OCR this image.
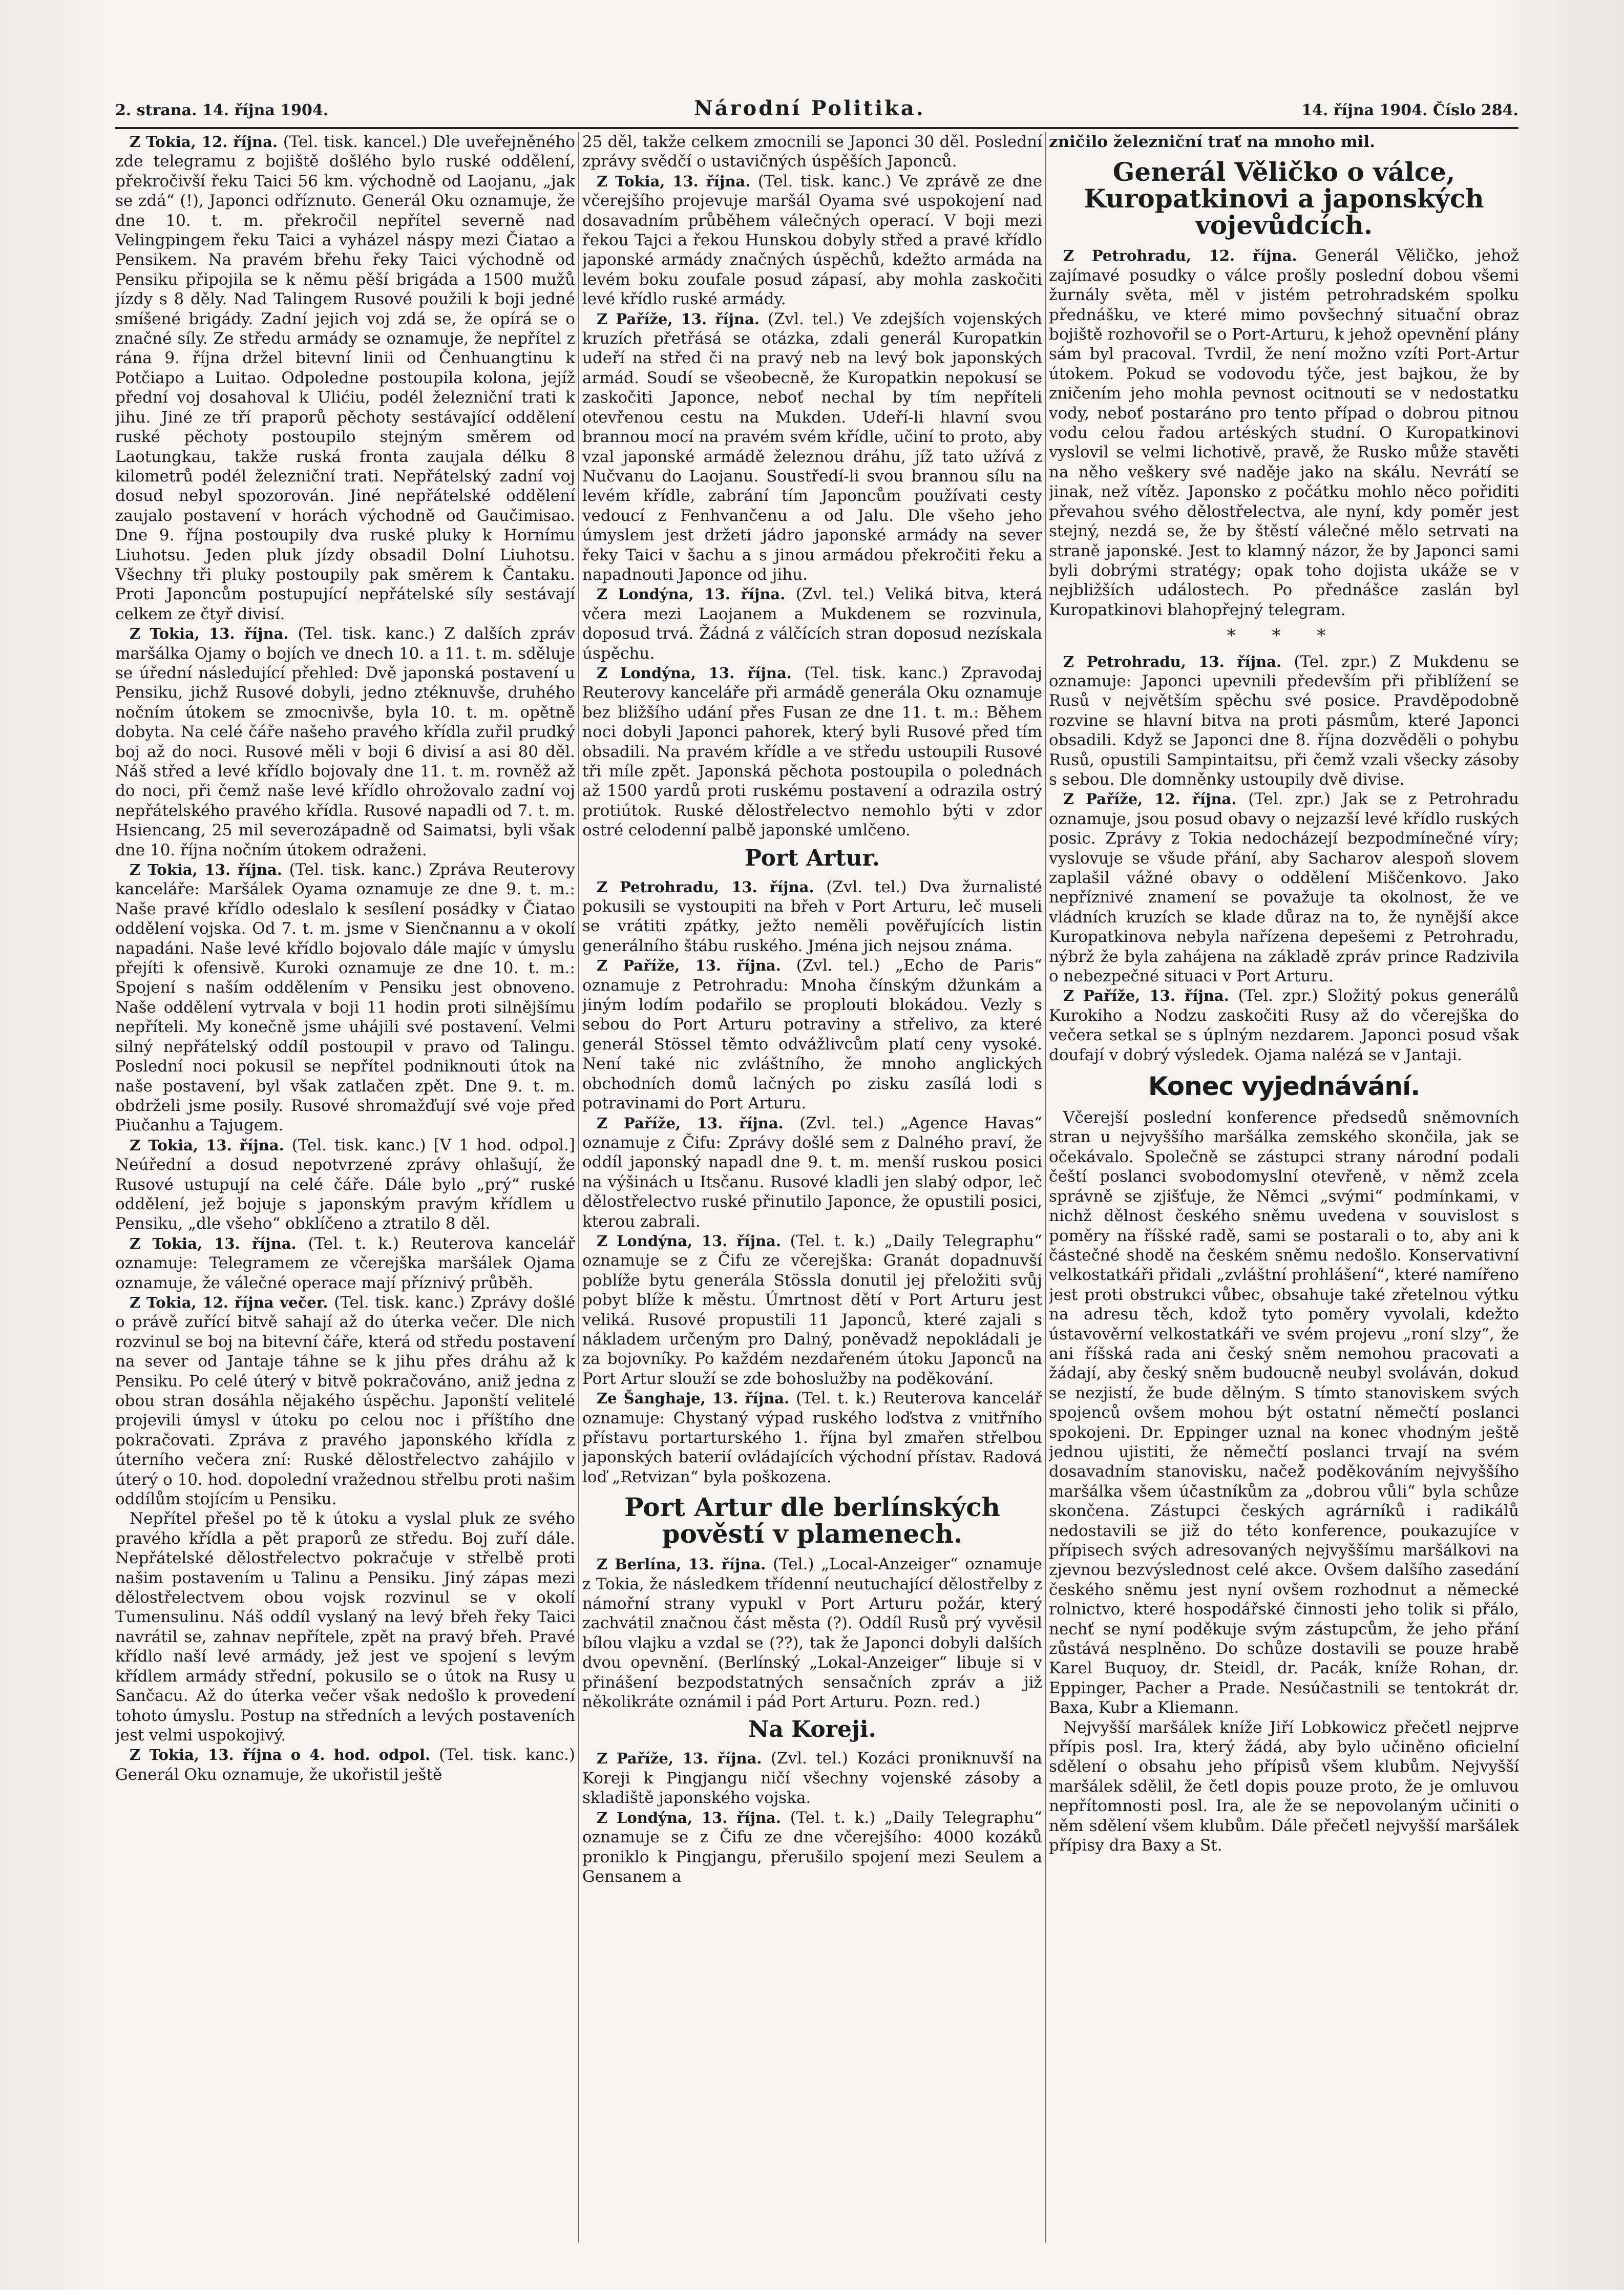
2. strana. 14. října 1904.	Národní Politika.	14. října 1904. Číslo 284.

Z Tokia, 12. října. (Tel. tisk. kancel.) Dle uveřejněného zde telegramu z bojiště došlého bylo ruské oddělení, překročivší řeku Taici 56 km. východně od Laojanu, „jak se zdá“ (!), Japonci odříznuto. Generál Oku oznamuje, že dne 10. t. m. překročil nepřítel severně nad Velingpingem řeku Taici a vyházel náspy mezi Čiatao a Pensikem. Na pravém břehu řeky Taici východně od Pensiku připojila se k němu pěší brigáda a 1500 mužů jízdy s 8 děly. Nad Talingem Rusové použili k boji jedné smíšené brigády. Zadní jejich voj zdá se, že opírá se o značné síly. Ze středu armády se oznamuje, že nepřítel z rána 9. října držel bitevní linii od Čenhuangtinu k Potčiapo a Luitao. Odpoledne postoupila kolona, jejíž přední voj dosahoval k Ulićiu, podél železniční trati k jihu. Jiné ze tří praporů pěchoty sestávající oddělení ruské pěchoty postoupilo stejným směrem od Laotungkau, takže ruská fronta zaujala délku 8 kilometrů podél železniční trati. Nepřátelský zadní voj dosud nebyl spozorován. Jiné nepřátelské oddělení zaujalo postavení v horách východně od Gaučimisao. Dne 9. října postoupily dva ruské pluky k Hornímu Liuhotsu. Jeden pluk jízdy obsadil Dolní Liuhotsu. Všechny tři pluky postoupily pak směrem k Čantaku. Proti Japoncům postupující nepřátelské síly sestávají celkem ze čtyř divisí.

Z Tokia, 13. října. (Tel. tisk. kanc.) Z dalších zpráv maršálka Ojamy o bojích ve dnech 10. a 11. t. m. sděluje se úřední následující přehled: Dvě japonská postavení u Pensiku, jichž Rusové dobyli, jedno ztéknuvše, druhého nočním útokem se zmocnivše, byla 10. t. m. opětně dobyta. Na celé čáře našeho pravého křídla zuřil prudký boj až do noci. Rusové měli v boji 6 divisí a asi 80 děl. Náš střed a levé křídlo bojovaly dne 11. t. m. rovněž až do noci, při čemž naše levé křídlo ohrožovalo zadní voj nepřátelského pravého křídla. Rusové napadli od 7. t. m. Hsiencang, 25 mil severozápadně od Saimatsi, byli však dne 10. října nočním útokem odraženi.

Z Tokia, 13. října. (Tel. tisk. kanc.) Zpráva Reuterovy kanceláře: Maršálek Oyama oznamuje ze dne 9. t. m.: Naše pravé křídlo odeslalo k sesílení posádky v Čiatao oddělení vojska. Od 7. t. m. jsme v Sienčnannu a v okolí napadáni. Naše levé křídlo bojovalo dále majíc v úmyslu přejíti k ofensivě. Kuroki oznamuje ze dne 10. t. m.: Spojení s naším oddělením v Pensiku jest obnoveno. Naše oddělení vytrvala v boji 11 hodin proti silnějšímu nepříteli. My konečně jsme uhájili své postavení. Velmi silný nepřátelský oddíl postoupil v pravo od Talingu. Poslední noci pokusil se nepřítel podniknouti útok na naše postavení, byl však zatlačen zpět. Dne 9. t. m. obdrželi jsme posily. Rusové shromažďují své voje před Piučanhu a Tajugem.

Z Tokia, 13. října. (Tel. tisk. kanc.) [V 1 hod. odpol.] Neúřední a dosud nepotvrzené zprávy ohlašují, že Rusové ustupují na celé čáře. Dále bylo „prý“ ruské oddělení, jež bojuje s japonským pravým křídlem u Pensiku, „dle všeho“ obklíčeno a ztratilo 8 děl.

Z Tokia, 13. října. (Tel. t. k.) Reuterova kancelář oznamuje: Telegramem ze včerejška maršálek Ojama oznamuje, že válečné operace mají příznivý průběh.

Z Tokia, 12. října večer. (Tel. tisk. kanc.) Zprávy došlé o právě zuřící bitvě sahají až do úterka večer. Dle nich rozvinul se boj na bitevní čáře, která od středu postavení na sever od Jantaje táhne se k jihu přes dráhu až k Pensiku. Po celé úterý v bitvě pokračováno, aniž jedna z obou stran dosáhla nějakého úspěchu. Japonští velitelé projevili úmysl v útoku po celou noc i příštího dne pokračovati. Zpráva z pravého japonského křídla z úterního večera zní: Ruské dělostřelectvo zahájilo v úterý o 10. hod. dopolední vražednou střelbu proti našim oddílům stojícím u Pensiku.

Nepřítel přešel po tě k útoku a vyslal pluk ze svého pravého křídla a pět praporů ze středu. Boj zuří dále. Nepřátelské dělostřelectvo pokračuje v střelbě proti našim postavením u Talinu a Pensiku. Jiný zápas mezi dělostřelectvem obou vojsk rozvinul se v okolí Tumensulinu. Náš oddíl vyslaný na levý břeh řeky Taici navrátil se, zahnav nepřítele, zpět na pravý břeh. Pravé křídlo naší levé armády, jež jest ve spojení s levým křídlem armády střední, pokusilo se o útok na Rusy u Sančacu. Až do úterka večer však nedošlo k provedení tohoto úmyslu. Postup na středních a levých postaveních jest velmi uspokojivý.

Z Tokia, 13. října o 4. hod. odpol. (Tel. tisk. kanc.) Generál Oku oznamuje, že ukořistil ještě

25 děl, takže celkem zmocnili se Japonci 30 děl. Poslední zprávy svědčí o ustavičných úspěších Japonců.

Z Tokia, 13. října. (Tel. tisk. kanc.) Ve zprávě ze dne včerejšího projevuje maršál Oyama své uspokojení nad dosavadním průběhem válečných operací. V boji mezi řekou Tajci a řekou Hunskou dobyly střed a pravé křídlo japonské armády značných úspěchů, kdežto armáda na levém boku zoufale posud zápasí, aby mohla zaskočiti levé křídlo ruské armády.

Z Paříže, 13. října. (Zvl. tel.) Ve zdejších vojenských kruzích přetřásá se otázka, zdali generál Kuropatkin udeří na střed či na pravý neb na levý bok japonských armád. Soudí se všeobecně, že Kuropatkin nepokusí se zaskočiti Japonce, neboť nechal by tím nepříteli otevřenou cestu na Mukden. Udeří-li hlavní svou brannou mocí na pravém svém křídle, učiní to proto, aby vzal japonské armádě železnou dráhu, jíž tato užívá z Nučvanu do Laojanu. Soustředí-li svou brannou sílu na levém křídle, zabrání tím Japoncům používati cesty vedoucí z Fenhvančenu a od Jalu. Dle všeho jeho úmyslem jest držeti jádro japonské armády na sever řeky Taici v šachu a s jinou armádou překročiti řeku a napadnouti Japonce od jihu.

Z Londýna, 13. října. (Zvl. tel.) Veliká bitva, která včera mezi Laojanem a Mukdenem se rozvinula, doposud trvá. Žádná z válčících stran doposud nezískala úspěchu.

Z Londýna, 13. října. (Tel. tisk. kanc.) Zpravodaj Reuterovy kanceláře při armádě generála Oku oznamuje bez bližšího udání přes Fusan ze dne 11. t. m.: Během noci dobyli Japonci pahorek, který byli Rusové před tím obsadili. Na pravém křídle a ve středu ustoupili Rusové tři míle zpět. Japonská pěchota postoupila o polednách až 1500 yardů proti ruskému postavení a odrazila ostrý protiútok. Ruské dělostřelectvo nemohlo býti v zdor ostré celodenní palbě japonské umlčeno.

Port Artur.

Z Petrohradu, 13. října. (Zvl. tel.) Dva žurnalisté pokusili se vystoupiti na břeh v Port Arturu, leč museli se vrátiti zpátky, ježto neměli pověřujících listin generálního štábu ruského. Jména jich nejsou známa.

Z Paříže, 13. října. (Zvl. tel.) „Echo de Paris“ oznamuje z Petrohradu: Mnoha čínským džunkám a jiným lodím podařilo se proplouti blokádou. Vezly s sebou do Port Arturu potraviny a střelivo, za které generál Stössel těmto odvážlivcům platí ceny vysoké. Není také nic zvláštního, že mnoho anglických obchodních domů lačných po zisku zasílá lodi s potravinami do Port Arturu.

Z Paříže, 13. října. (Zvl. tel.) „Agence Havas“ oznamuje z Čifu: Zprávy došlé sem z Dalného praví, že oddíl japonský napadl dne 9. t. m. menší ruskou posici na výšinách u Itsčanu. Rusové kladli jen slabý odpor, leč dělostřelectvo ruské přinutilo Japonce, že opustili posici, kterou zabrali.

Z Londýna, 13. října. (Tel. t. k.) „Daily Telegraphu“ oznamuje se z Čifu ze včerejška: Granát dopadnuvší poblíže bytu generála Stössla donutil jej přeložiti svůj pobyt blíže k městu. Úmrtnost dětí v Port Arturu jest veliká. Rusové propustili 11 Japonců, které zajali s nákladem určeným pro Dalný, poněvadž nepokládali je za bojovníky. Po každém nezdařeném útoku Japonců na Port Artur slouží se zde bohoslužby na poděkování.

Ze Šanghaje, 13. října. (Tel. t. k.) Reuterova kancelář oznamuje: Chystaný výpad ruského loďstva z vnitřního přístavu portarturského 1. října byl zmařen střelbou japonských baterií ovládajících východní přístav. Radová loď „Retvizan“ byla poškozena.

Port Artur dle berlínských pověstí v plamenech.

Z Berlína, 13. října. (Tel.) „Local-Anzeiger“ oznamuje z Tokia, že následkem třídenní neutuchající dělostřelby z námořní strany vypukl v Port Arturu požár, který zachvátil značnou část města (?). Oddíl Rusů prý vyvěsil bílou vlajku a vzdal se (??), tak že Japonci dobyli dalších dvou opevnění. (Berlínský „Lokal-Anzeiger“ libuje si v přinášení bezpodstatných sensačních zpráv a již několikráte oznámil i pád Port Arturu. Pozn. red.)

Na Koreji.

Z Paříže, 13. října. (Zvl. tel.) Kozáci proniknuvší na Koreji k Pingjangu ničí všechny vojenské zásoby a skladiště japonského vojska.

Z Londýna, 13. října. (Tel. t. k.) „Daily Telegraphu“ oznamuje se z Čifu ze dne včerejšího: 4000 kozáků proniklo k Pingjangu, přerušilo spojení mezi Seulem a Gensanem a

zničilo železniční trať na mnoho mil.

Generál Věličko o válce, Kuropatkinovi a japonských vojevůdcích.

Z Petrohradu, 12. října. Generál Věličko, jehož zajímavé posudky o válce prošly poslední dobou všemi žurnály světa, měl v jistém petrohradském spolku přednášku, ve které mimo povšechný situační obraz bojiště rozhovořil se o Port-Arturu, k jehož opevnění plány sám byl pracoval. Tvrdil, že není možno vzíti Port-Artur útokem. Pokud se vodovodu týče, jest bajkou, že by zničením jeho mohla pevnost ocitnouti se v nedostatku vody, neboť postaráno pro tento případ o dobrou pitnou vodu celou řadou artéských studní. O Kuropatkinovi vyslovil se velmi lichotivě, pravě, že Rusko může stavěti na něho veškery své naděje jako na skálu. Nevrátí se jinak, než vítěz. Japonsko z počátku mohlo něco pořiditi převahou svého dělostřelectva, ale nyní, kdy poměr jest stejný, nezdá se, že by štěstí válečné mělo setrvati na straně japonské. Jest to klamný názor, že by Japonci sami byli dobrými stratégy; opak toho dojista ukáže se v nejbližších událostech. Po přednášce zaslán byl Kuropatkinovi blahopřejný telegram.

* * *

Z Petrohradu, 13. října. (Tel. zpr.) Z Mukdenu se oznamuje: Japonci upevnili především při přiblížení se Rusů v největším spěchu své posice. Pravděpodobně rozvine se hlavní bitva na proti pásmům, které Japonci obsadili. Když se Japonci dne 8. října dozvěděli o pohybu Rusů, opustili Sampintaitsu, při čemž vzali všecky zásoby s sebou. Dle domněnky ustoupily dvě divise.

Z Paříže, 12. října. (Tel. zpr.) Jak se z Petrohradu oznamuje, jsou posud obavy o nejzazší levé křídlo ruských posic. Zprávy z Tokia nedocházejí bezpodmínečné víry; vyslovuje se všude přání, aby Sacharov alespoň slovem zaplašil vážné obavy o oddělení Miščenkovo. Jako nepříznivé znamení se považuje ta okolnost, že ve vládních kruzích se klade důraz na to, že nynější akce Kuropatkinova nebyla nařízena depešemi z Petrohradu, nýbrž že byla zahájena na základě zpráv prince Radzivila o nebezpečné situaci v Port Arturu.

Z Paříže, 13. října. (Tel. zpr.) Složitý pokus generálů Kurokiho a Nodzu zaskočiti Rusy až do včerejška do večera setkal se s úplným nezdarem. Japonci posud však doufají v dobrý výsledek. Ojama nalézá se v Jantaji.

Konec vyjednávání.

Včerejší poslední konference předsedů sněmovních stran u nejvyššího maršálka zemského skončila, jak se očekávalo. Společně se zástupci strany národní podali čeští poslanci svobodomyslní otevřeně, v němž zcela správně se zjišťuje, že Němci „svými“ podmínkami, v nichž dělnost českého sněmu uvedena v souvislost s poměry na říšské radě, sami se postarali o to, aby ani k částečné shodě na českém sněmu nedošlo. Konservativní velkostatkáři přidali „zvláštní prohlášení“, které namířeno jest proti obstrukci vůbec, obsahuje také zřetelnou výtku na adresu těch, kdož tyto poměry vyvolali, kdežto ústavověrní velkostatkáři ve svém projevu „roní slzy“, že ani říšská rada ani český sněm nemohou pracovati a žádají, aby český sněm budoucně neubyl svoláván, dokud se nezjistí, že bude dělným. S tímto stanoviskem svých spojenců ovšem mohou být ostatní němečtí poslanci spokojeni. Dr. Eppinger uznal na konec vhodným ještě jednou ujistiti, že němečtí poslanci trvají na svém dosavadním stanovisku, načež poděkováním nejvyššího maršálka všem účastníkům za „dobrou vůli“ byla schůze skončena. Zástupci českých agrárníků i radikálů nedostavili se již do této konference, poukazujíce v přípisech svých adresovaných nejvyššímu maršálkovi na zjevnou bezvýslednost celé akce. Ovšem dalšího zasedání českého sněmu jest nyní ovšem rozhodnut a německé rolnictvo, které hospodářské činnosti jeho tolik si přálo, nechť se nyní poděkuje svým zástupcům, že jeho přání zůstává nesplněno. Do schůze dostavili se pouze hrabě Karel Buquoy, dr. Steidl, dr. Pacák, kníže Rohan, dr. Eppinger, Pacher a Prade. Nesúčastnili se tentokrát dr. Baxa, Kubr a Kliemann.

Nejvyšší maršálek kníže Jiří Lobkowicz přečetl nejprve přípis posl. Ira, který žádá, aby bylo učiněno oficielní sdělení o obsahu jeho přípisů všem klubům. Nejvyšší maršálek sdělil, že četl dopis pouze proto, že je omluvou nepřítomnosti posl. Ira, ale že se nepovolaným učiniti o něm sdělení všem klubům. Dále přečetl nejvyšší maršálek přípisy dra Baxy a St.
